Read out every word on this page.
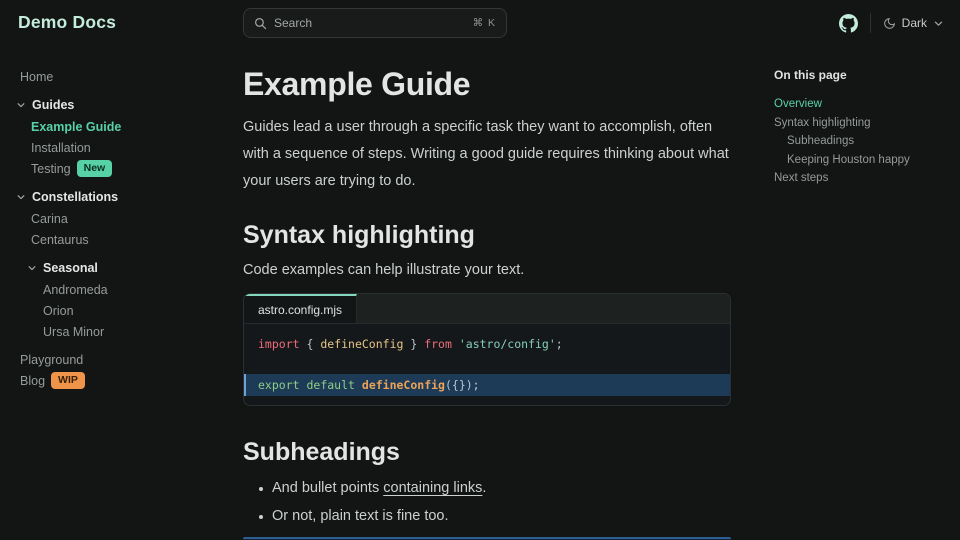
Demo Docs	Search	⌘ K	Dark
Home
Guides
Example Guide
Installation
Testing	New
Constellations
Carina
Centaurus
Seasonal
Andromeda
Orion
Ursa Minor
Playground
Blog	WIP
Example Guide

Guides lead a user through a specific task they want to accomplish, often with a sequence of steps. Writing a good guide requires thinking about what your users are trying to do.

Syntax highlighting

Code examples can help illustrate your text.

astro.config.mjs
import { defineConfig } from 'astro/config';
export default defineConfig({});
Subheadings
And bullet points containing links.
Or not, plain text is fine too.
On this page
Overview
Syntax highlighting
Subheadings
Keeping Houston happy
Next steps
